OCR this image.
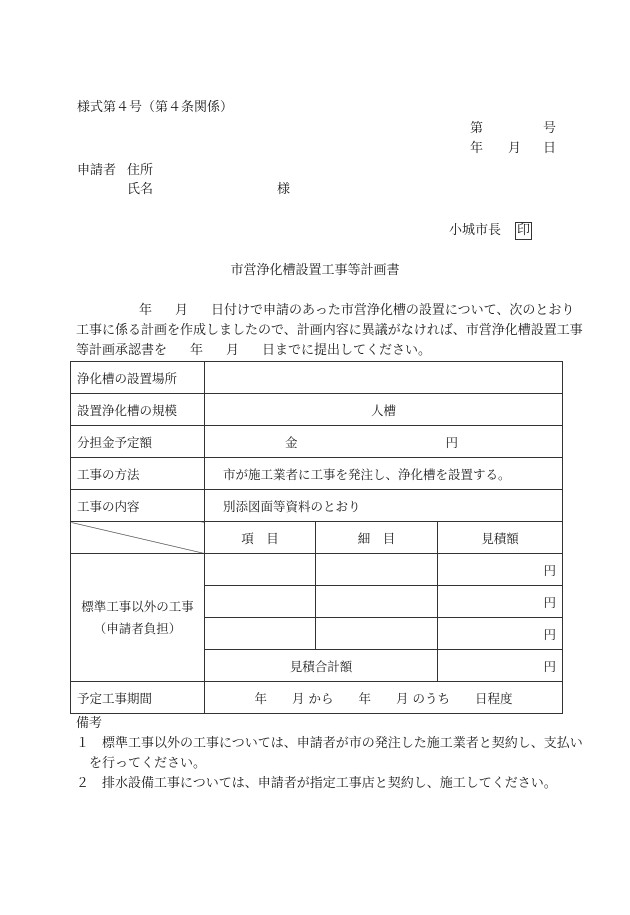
様式第４号（第４条関係）
第	号
年 月 日
申請者 住所
氏名	様
小城市長 印
市営浄化槽設置工事等計画書
年 月 日付けで申請のあった市営浄化槽の設置について、次のとおり
工事に係る計画を作成しましたので、計画内容に異議がなければ、市営浄化槽設置工事
等計画承認書を 年 月 日までに提出してください。
浄化槽の設置場所			
設置浄化槽の規模	人槽		
分担金予定額	金 円		
工事の方法	市が施工業者に工事を発注し、浄化槽を設置する。		
工事の内容	別添図面等資料のとおり		
	項　目	細　目	見積額

標準工事以外の工事
（申請者負担）			円
			円
			円
	見積合計額		円
予定工事期間	年　　月 から　　年　　月 のうち　　日程度		
備考
１　標準工事以外の工事については、申請者が市の発注した施工業者と契約し、支払い
を行ってください。
２　排水設備工事については、申請者が指定工事店と契約し、施工してください。
